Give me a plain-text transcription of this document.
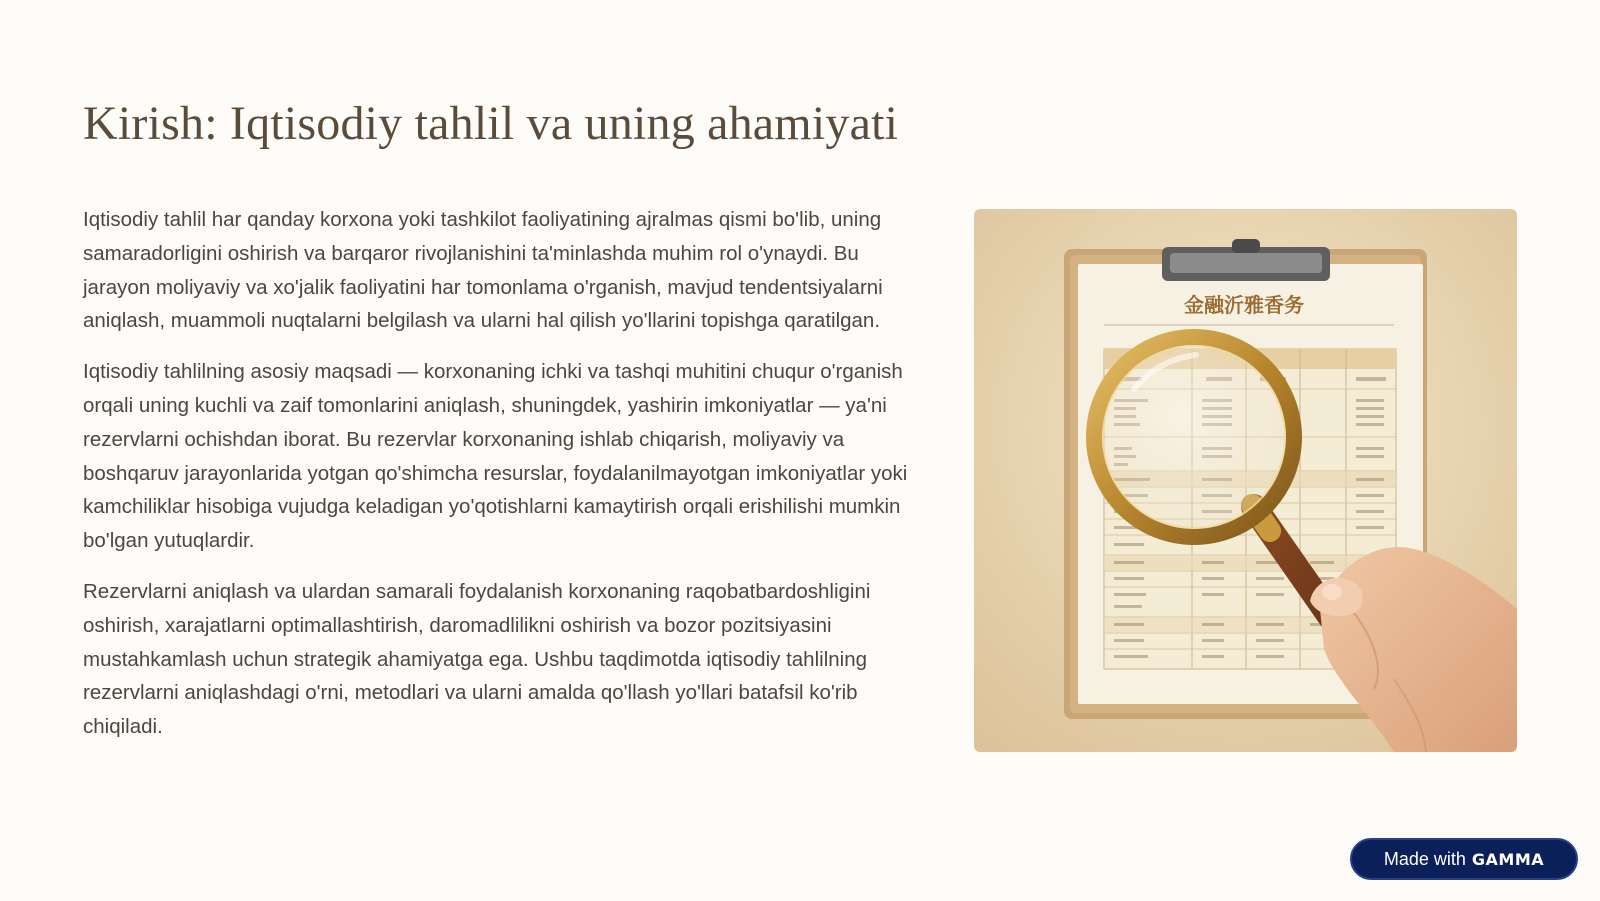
Kirish: Iqtisodiy tahlil va uning ahamiyati

Iqtisodiy tahlil har qanday korxona yoki tashkilot faoliyatining ajralmas qismi bo'lib, uning samaradorligini oshirish va barqaror rivojlanishini ta'minlashda muhim rol o'ynaydi. Bu jarayon moliyaviy va xo'jalik faoliyatini har tomonlama o'rganish, mavjud tendentsiyalarni aniqlash, muammoli nuqtalarni belgilash va ularni hal qilish yo'llarini topishga qaratilgan.

Iqtisodiy tahlilning asosiy maqsadi — korxonaning ichki va tashqi muhitini chuqur o'rganish orqali uning kuchli va zaif tomonlarini aniqlash, shuningdek, yashirin imkoniyatlar — ya'ni rezervlarni ochishdan iborat. Bu rezervlar korxonaning ishlab chiqarish, moliyaviy va boshqaruv jarayonlarida yotgan qo'shimcha resurslar, foydalanilmayotgan imkoniyatlar yoki kamchiliklar hisobiga vujudga keladigan yo'qotishlarni kamaytirish orqali erishilishi mumkin bo'lgan yutuqlardir.

Rezervlarni aniqlash va ulardan samarali foydalanish korxonaning raqobatbardoshligini oshirish, xarajatlarni optimallashtirish, daromadlilikni oshirish va bozor pozitsiyasini mustahkamlash uchun strategik ahamiyatga ega. Ushbu taqdimotda iqtisodiy tahlilning rezervlarni aniqlashdagi o'rni, metodlari va ularni amalda qo'llash yo'llari batafsil ko'rib chiqiladi.

金融沂雅香务
Made with GAMMA
